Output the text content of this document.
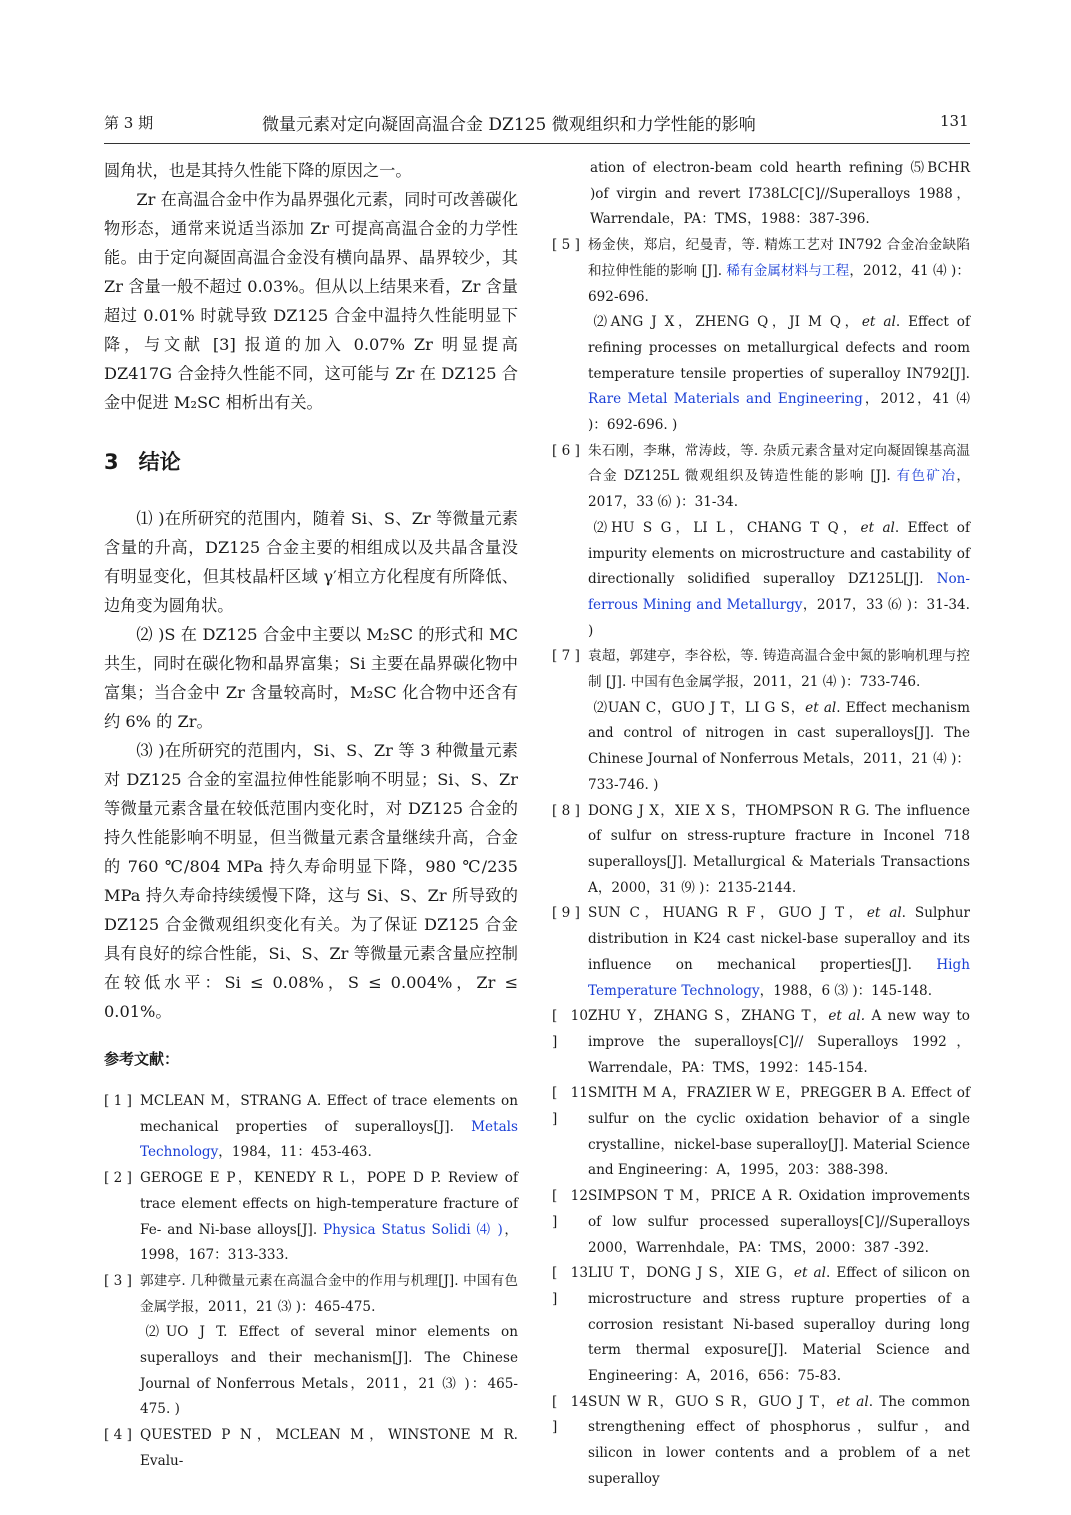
第 3 期	微量元素对定向凝固高温合金 DZ125 微观组织和力学性能的影响	131

圆角状，也是其持久性能下降的原因之一。

Zr 在高温合金中作为晶界强化元素，同时可改善碳化物形态，通常来说适当添加 Zr 可提高高温合金的力学性能。由于定向凝固高温合金没有横向晶界、晶界较少，其 Zr 含量一般不超过 0.03%。但从以上结果来看，Zr 含量超过 0.01% 时就导致 DZ125 合金中温持久性能明显下降，与文献 [3] 报道的加入 0.07% Zr 明显提高 DZ417G 合金持久性能不同，这可能与 Zr 在 DZ125 合金中促进 M₂SC 相析出有关。

3 结论

⑴ )在所研究的范围内，随着 Si、S、Zr 等微量元素含量的升高，DZ125 合金主要的相组成以及共晶含量没有明显变化，但其枝晶杆区域 γ′相立方化程度有所降低、边角变为圆角状。

⑵ )S 在 DZ125 合金中主要以 M₂SC 的形式和 MC 共生，同时在碳化物和晶界富集；Si 主要在晶界碳化物中富集；当合金中 Zr 含量较高时，M₂SC 化合物中还含有约 6% 的 Zr。

⑶ )在所研究的范围内，Si、S、Zr 等 3 种微量元素对 DZ125 合金的室温拉伸性能影响不明显；Si、S、Zr 等微量元素含量在较低范围内变化时，对 DZ125 合金的持久性能影响不明显，但当微量元素含量继续升高，合金的 760 ℃/804 MPa 持久寿命明显下降，980 ℃/235 MPa 持久寿命持续缓慢下降，这与 Si、S、Zr 所导致的 DZ125 合金微观组织变化有关。为了保证 DZ125 合金具有良好的综合性能，Si、S、Zr 等微量元素含量应控制在较低水平：Si ≤ 0.08%，S ≤ 0.004%，Zr ≤ 0.01%。

参考文献：
[ 1 ] MCLEAN M，STRANG A. Effect of trace elements on mechanical properties of superalloys[J]. Metals Technology，1984，11：453-463.
[ 2 ] GEROGE E P，KENEDY R L，POPE D P. Review of trace element effects on high-temperature fracture of Fe- and Ni-base alloys[J]. Physica Status Solidi ⑷ )，1998，167：313-333.
[ 3 ] 郭建亭. 几种微量元素在高温合金中的作用与机理[J]. 中国有色金属学报，2011，21 ⑶ )：465-475.
⑵UO J T. Effect of several minor elements on superalloys and their mechanism[J]. The Chinese Journal of Nonferrous Metals，2011，21 ⑶ )：465-475. )
[ 4 ] QUESTED P N，MCLEAN M，WINSTONE M R. Evalu-
ation of electron-beam cold hearth refining ⑸BCHR )of virgin and revert I738LC[C]//Superalloys 1988，Warrendale，PA：TMS，1988：387-396.
[ 5 ] 杨金侠，郑启，纪曼青，等. 精炼工艺对 IN792 合金冶金缺陷和拉伸性能的影响 [J]. 稀有金属材料与工程，2012，41 ⑷ )：692-696.
⑵ANG J X，ZHENG Q，JI M Q，et al. Effect of refining processes on metallurgical defects and room temperature tensile properties of superalloy IN792[J]. Rare Metal Materials and Engineering，2012，41 ⑷ )：692-696. )
[ 6 ] 朱石刚，李琳，常涛歧，等. 杂质元素含量对定向凝固镍基高温合金 DZ125L 微观组织及铸造性能的影响 [J]. 有色矿冶，2017，33 ⑹ )：31-34.
⑵HU S G，LI L，CHANG T Q，et al. Effect of impurity elements on microstructure and castability of directionally solidified superalloy DZ125L[J]. Non-ferrous Mining and Metallurgy，2017，33 ⑹ )：31-34. )
[ 7 ] 袁超，郭建亭，李谷松，等. 铸造高温合金中氮的影响机理与控制 [J]. 中国有色金属学报，2011，21 ⑷ )：733-746.
⑵UAN C，GUO J T，LI G S，et al. Effect mechanism and control of nitrogen in cast superalloys[J]. The Chinese Journal of Nonferrous Metals，2011，21 ⑷ )：733-746. )
[ 8 ] DONG J X，XIE X S，THOMPSON R G. The influence of sulfur on stress-rupture fracture in Inconel 718 superalloys[J]. Metallurgical & Materials Transactions A，2000，31 ⑼ )：2135-2144.
[ 9 ] SUN C，HUANG R F，GUO J T，et al. Sulphur distribution in K24 cast nickel-base superalloy and its influence on mechanical properties[J]. High Temperature Technology，1988，6 ⑶ )：145-148.
[ 10 ]
ZHU Y，ZHANG S，ZHANG T，et al. A new way to improve the superalloys[C]// Superalloys 1992，Warrendale，PA：TMS，1992：145-154.
[ 11 ]
SMITH M A，FRAZIER W E，PREGGER B A. Effect of sulfur on the cyclic oxidation behavior of a single crystalline，nickel-base superalloy[J]. Material Science and Engineering：A，1995，203：388-398.
[ 12 ]
SIMPSON T M，PRICE A R. Oxidation improvements of low sulfur processed superalloys[C]//Superalloys 2000，Warrenhdale，PA：TMS，2000：387 -392.
[ 13 ]
LIU T，DONG J S，XIE G，et al. Effect of silicon on microstructure and stress rupture properties of a corrosion resistant Ni-based superalloy during long term thermal exposure[J]. Material Science and Engineering：A，2016，656：75-83.
[ 14 ]
SUN W R，GUO S R，GUO J T，et al. The common strengthening effect of phosphorus，sulfur，and silicon in lower contents and a problem of a net superalloy
